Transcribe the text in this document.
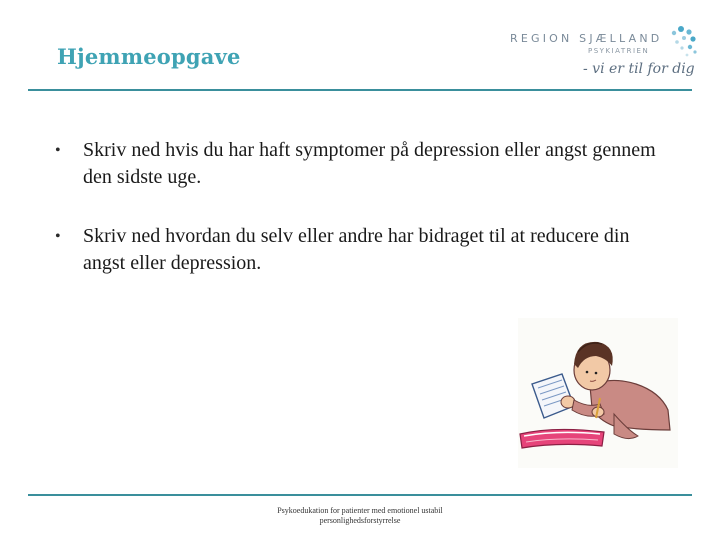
Hjemmeopgave
REGION SJÆLLAND
PSYKIATRIEN
- vi er til for dig
• Skriv ned hvis du har haft symptomer på depression eller angst gennem den sidste uge.
• Skriv ned hvordan du selv eller andre har bidraget til at reducere din angst eller depression.
Psykoedukation for patienter med emotionel ustabil
personlighedsforstyrrelse
